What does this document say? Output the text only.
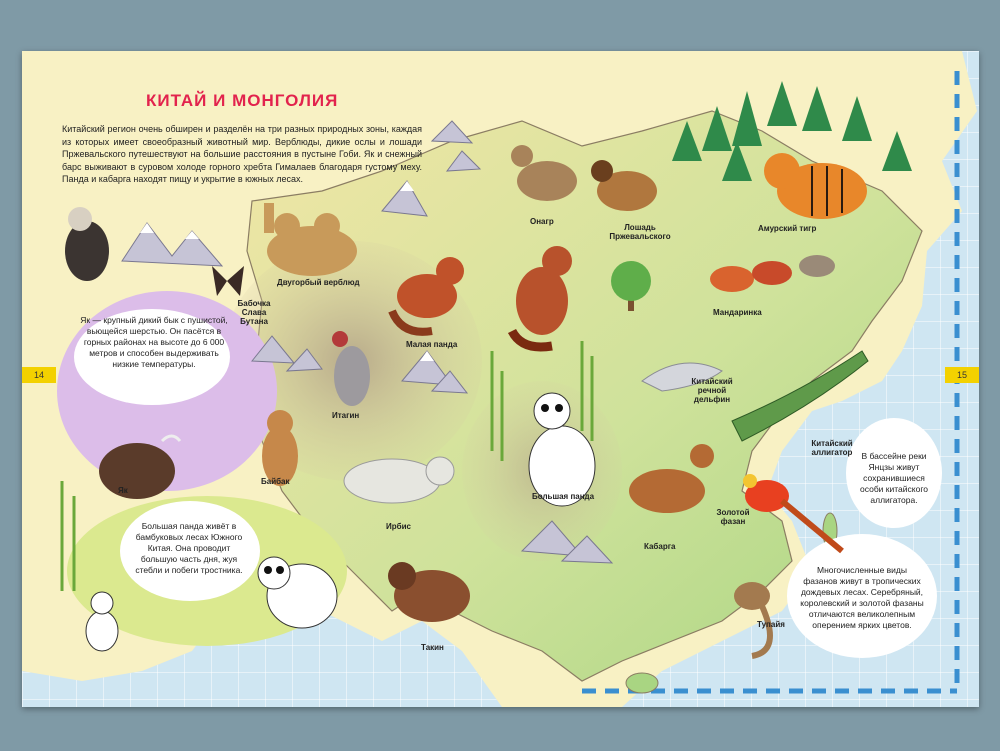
КИТАЙ И МОНГОЛИЯ
Китайский регион очень обширен и разделён на три разных природных зоны, каждая из которых имеет своеобразный животный мир. Верблюды, дикие ослы и лошади Пржевальского путешествуют на большие расстояния в пустыне Гоби. Як и снежный барс выживают в суровом холоде горного хребта Гималаев благодаря густому меху. Панда и кабарга находят пищу и укрытие в южных лесах.
14	15
Як — крупный дикий бык с пушистой, вьющейся шерстью. Он пасётся в горных районах на высоте до 6 000 метров и способен выдерживать низкие температуры.
Большая панда живёт в бамбуковых лесах Южного Китая. Она проводит большую часть дня, жуя стебли и побеги тростника.
В бассейне реки Янцзы живут сохранившиеся особи китайского аллигатора.
Многочисленные виды фазанов живут в тропических дождевых лесах. Серебряный, королевский и золотой фазаны отличаются великолепным оперением ярких цветов.
Бабочка Слава Бутана
Двугорбый верблюд
Малая панда
Итагин
Як
Байбак
Ирбис
Такин
Онагр
Лошадь Пржевальского
Амурский тигр
Мандаринка
Китайский речной дельфин
Китайский аллигатор
Большая панда
Золотой фазан
Кабарга
Тупайя
